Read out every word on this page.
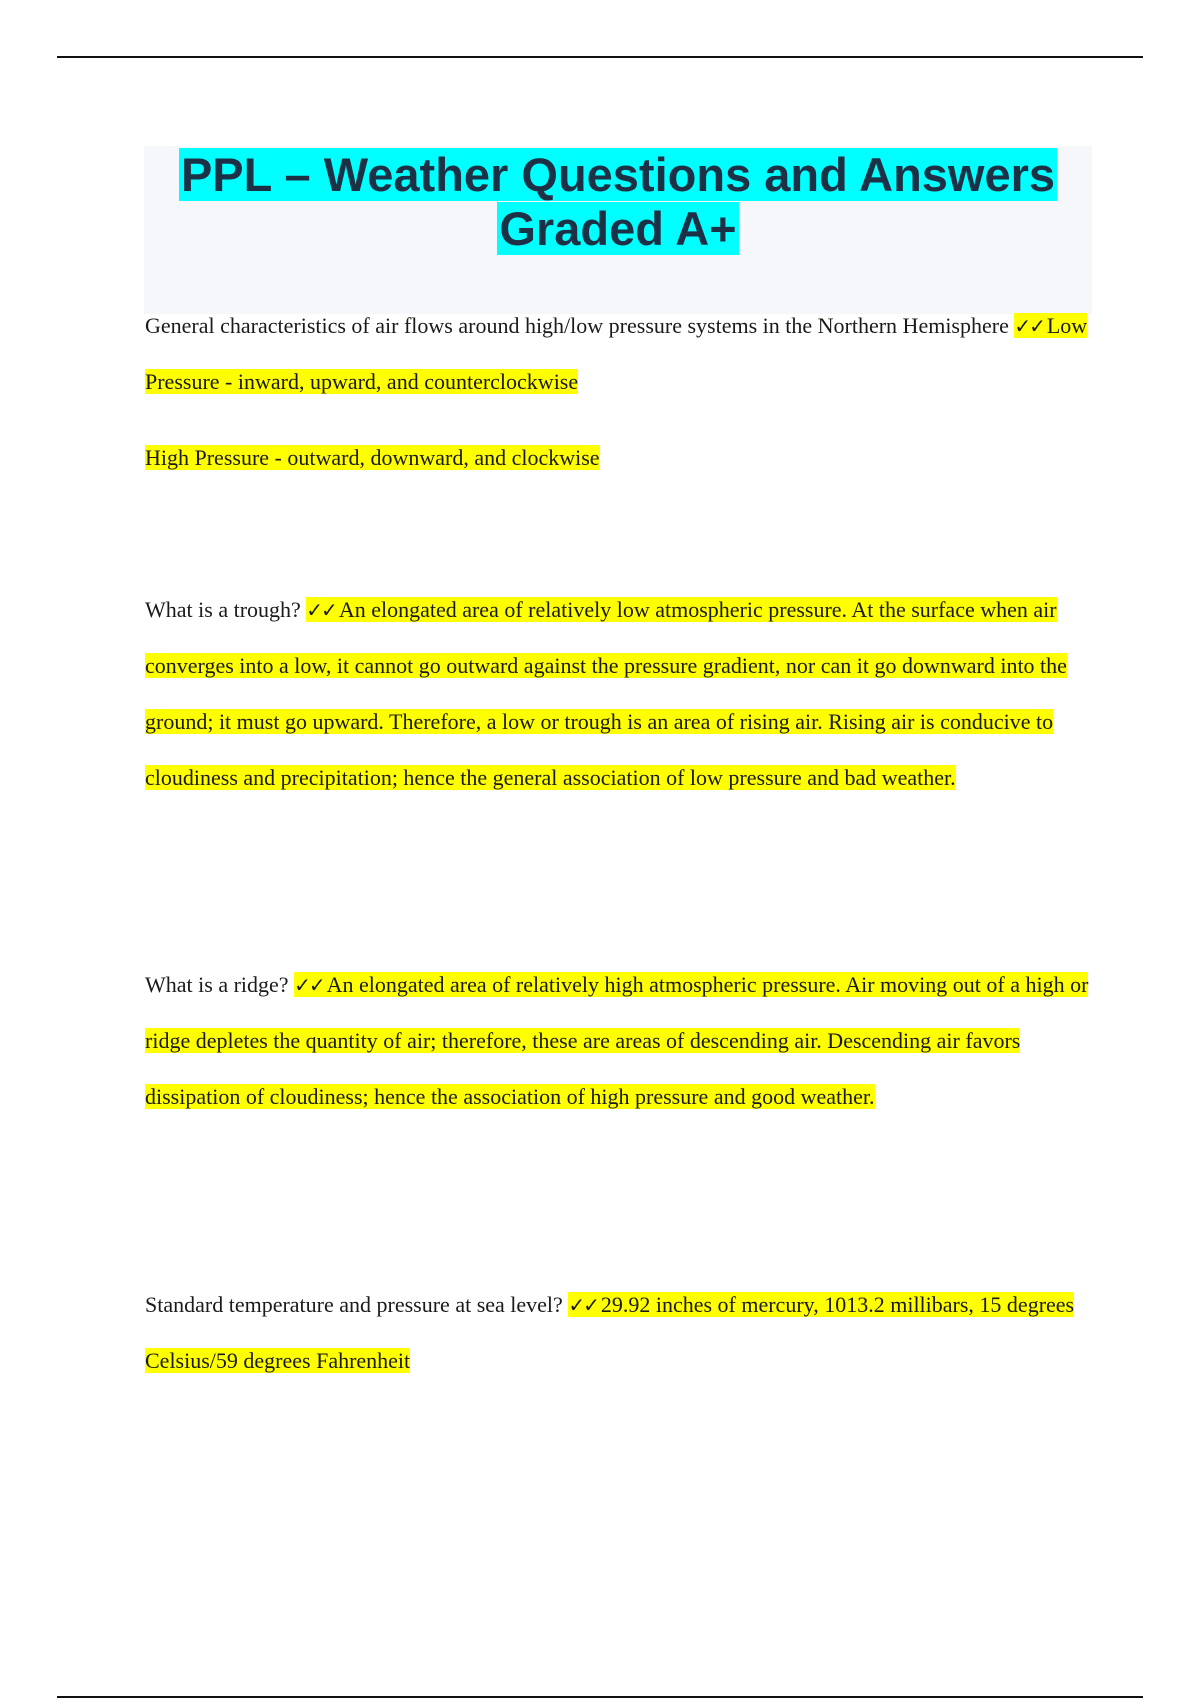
PPL – Weather Questions and Answers Graded A+

General characteristics of air flows around high/low pressure systems in the Northern Hemisphere ✓✓ Low Pressure - inward, upward, and counterclockwise

High Pressure - outward, downward, and clockwise

What is a trough? ✓✓ An elongated area of relatively low atmospheric pressure. At the surface when air converges into a low, it cannot go outward against the pressure gradient, nor can it go downward into the ground; it must go upward. Therefore, a low or trough is an area of rising air. Rising air is conducive to cloudiness and precipitation; hence the general association of low pressure and bad weather.

What is a ridge? ✓✓ An elongated area of relatively high atmospheric pressure. Air moving out of a high or ridge depletes the quantity of air; therefore, these are areas of descending air. Descending air favors dissipation of cloudiness; hence the association of high pressure and good weather.

Standard temperature and pressure at sea level? ✓✓ 29.92 inches of mercury, 1013.2 millibars, 15 degrees Celsius/59 degrees Fahrenheit
